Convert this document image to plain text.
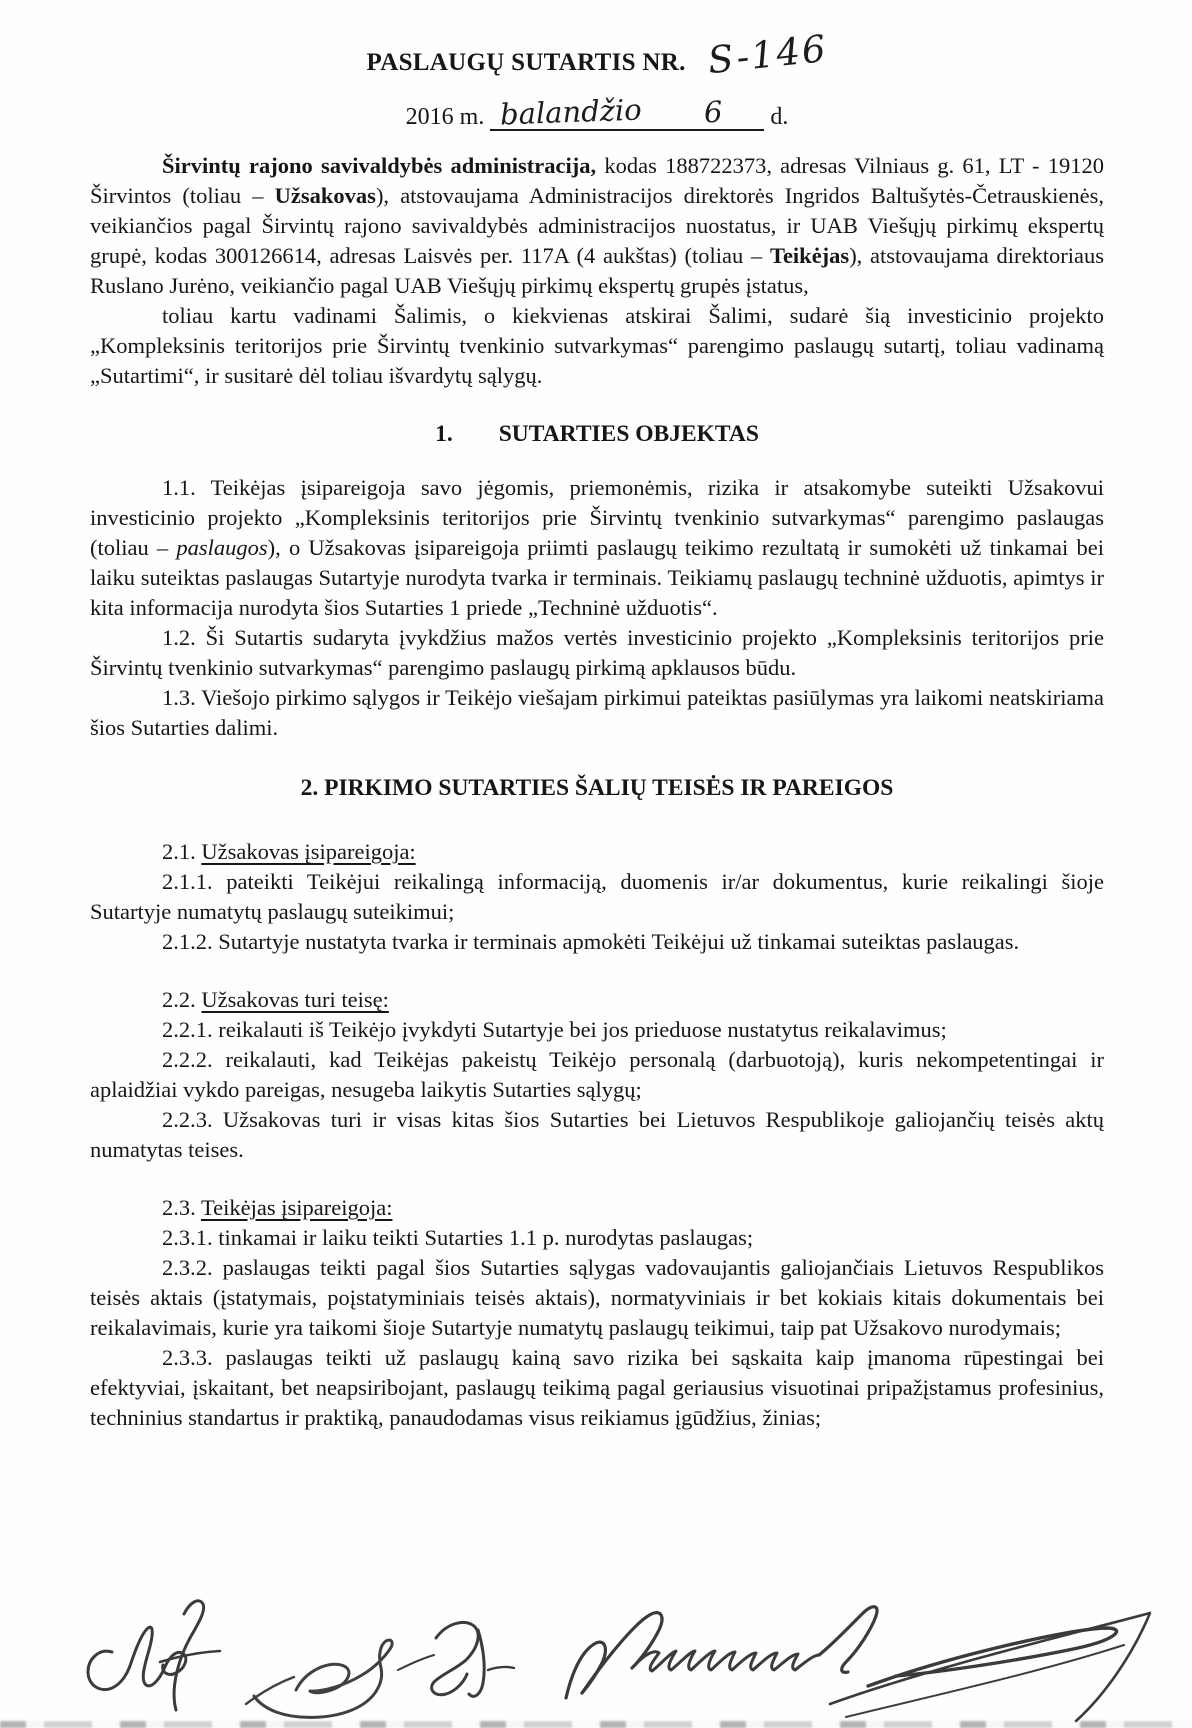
PASLAUGŲ SUTARTIS NR. S-146
2016 m. balandžio 6 d.

Širvintų rajono savivaldybės administracija, kodas 188722373, adresas Vilniaus g. 61, LT - 19120 Širvintos (toliau – Užsakovas), atstovaujama Administracijos direktorės Ingridos Baltušytės-Četrauskienės, veikiančios pagal Širvintų rajono savivaldybės administracijos nuostatus, ir UAB Viešųjų pirkimų ekspertų grupė, kodas 300126614, adresas Laisvės per. 117A (4 aukštas) (toliau – Teikėjas), atstovaujama direktoriaus Ruslano Jurėno, veikiančio pagal UAB Viešųjų pirkimų ekspertų grupės įstatus,

toliau kartu vadinami Šalimis, o kiekvienas atskirai Šalimi, sudarė šią investicinio projekto „Kompleksinis teritorijos prie Širvintų tvenkinio sutvarkymas“ parengimo paslaugų sutartį, toliau vadinamą „Sutartimi“, ir susitarė dėl toliau išvardytų sąlygų.

1. SUTARTIES OBJEKTAS

1.1. Teikėjas įsipareigoja savo jėgomis, priemonėmis, rizika ir atsakomybe suteikti Užsakovui investicinio projekto „Kompleksinis teritorijos prie Širvintų tvenkinio sutvarkymas“ parengimo paslaugas (toliau – paslaugos), o Užsakovas įsipareigoja priimti paslaugų teikimo rezultatą ir sumokėti už tinkamai bei laiku suteiktas paslaugas Sutartyje nurodyta tvarka ir terminais. Teikiamų paslaugų techninė užduotis, apimtys ir kita informacija nurodyta šios Sutarties 1 priede „Techninė užduotis“.

1.2. Ši Sutartis sudaryta įvykdžius mažos vertės investicinio projekto „Kompleksinis teritorijos prie Širvintų tvenkinio sutvarkymas“ parengimo paslaugų pirkimą apklausos būdu.

1.3. Viešojo pirkimo sąlygos ir Teikėjo viešajam pirkimui pateiktas pasiūlymas yra laikomi neatskiriama šios Sutarties dalimi.

2. PIRKIMO SUTARTIES ŠALIŲ TEISĖS IR PAREIGOS

2.1. Užsakovas įsipareigoja:

2.1.1. pateikti Teikėjui reikalingą informaciją, duomenis ir/ar dokumentus, kurie reikalingi šioje Sutartyje numatytų paslaugų suteikimui;

2.1.2. Sutartyje nustatyta tvarka ir terminais apmokėti Teikėjui už tinkamai suteiktas paslaugas.

2.2. Užsakovas turi teisę:

2.2.1. reikalauti iš Teikėjo įvykdyti Sutartyje bei jos prieduose nustatytus reikalavimus;

2.2.2. reikalauti, kad Teikėjas pakeistų Teikėjo personalą (darbuotoją), kuris nekompetentingai ir aplaidžiai vykdo pareigas, nesugeba laikytis Sutarties sąlygų;

2.2.3. Užsakovas turi ir visas kitas šios Sutarties bei Lietuvos Respublikoje galiojančių teisės aktų numatytas teises.

2.3. Teikėjas įsipareigoja:

2.3.1. tinkamai ir laiku teikti Sutarties 1.1 p. nurodytas paslaugas;

2.3.2. paslaugas teikti pagal šios Sutarties sąlygas vadovaujantis galiojančiais Lietuvos Respublikos teisės aktais (įstatymais, poįstatyminiais teisės aktais), normatyviniais ir bet kokiais kitais dokumentais bei reikalavimais, kurie yra taikomi šioje Sutartyje numatytų paslaugų teikimui, taip pat Užsakovo nurodymais;

2.3.3. paslaugas teikti už paslaugų kainą savo rizika bei sąskaita kaip įmanoma rūpestingai bei efektyviai, įskaitant, bet neapsiribojant, paslaugų teikimą pagal geriausius visuotinai pripažįstamus profesinius, techninius standartus ir praktiką, panaudodamas visus reikiamus įgūdžius, žinias;
